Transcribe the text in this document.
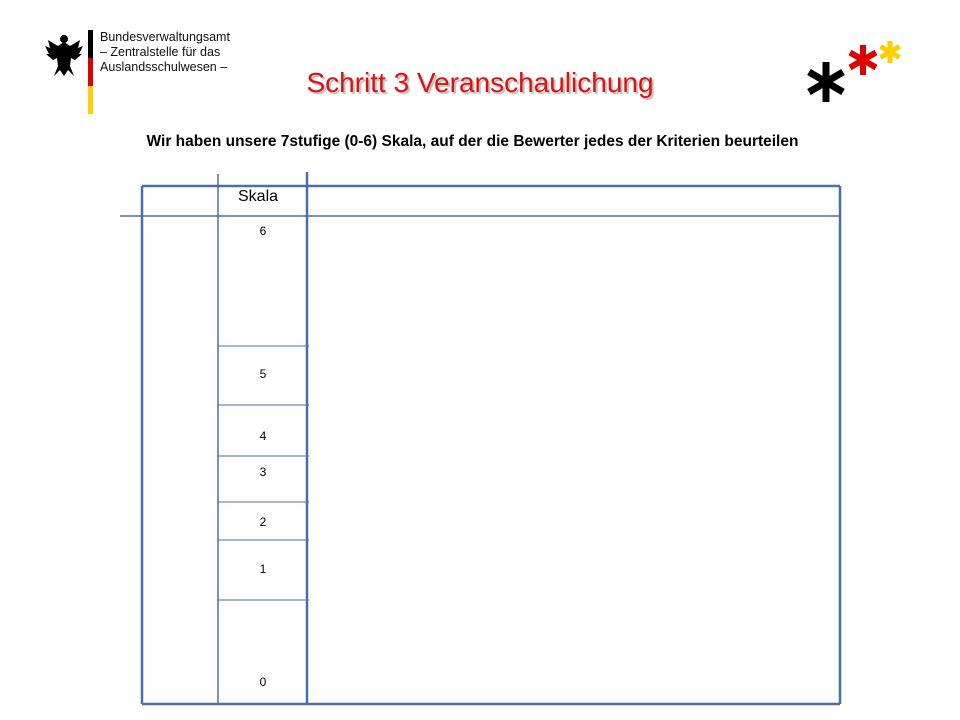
Bundesverwaltungsamt
– Zentralstelle für das
Auslandsschulwesen –	Schritt 3 Veranschaulichung
Wir haben unsere 7stufige (0-6) Skala, auf der die Bewerter jedes der Kriterien beurteilen
Skala
6
5
4
3
2
1
0
